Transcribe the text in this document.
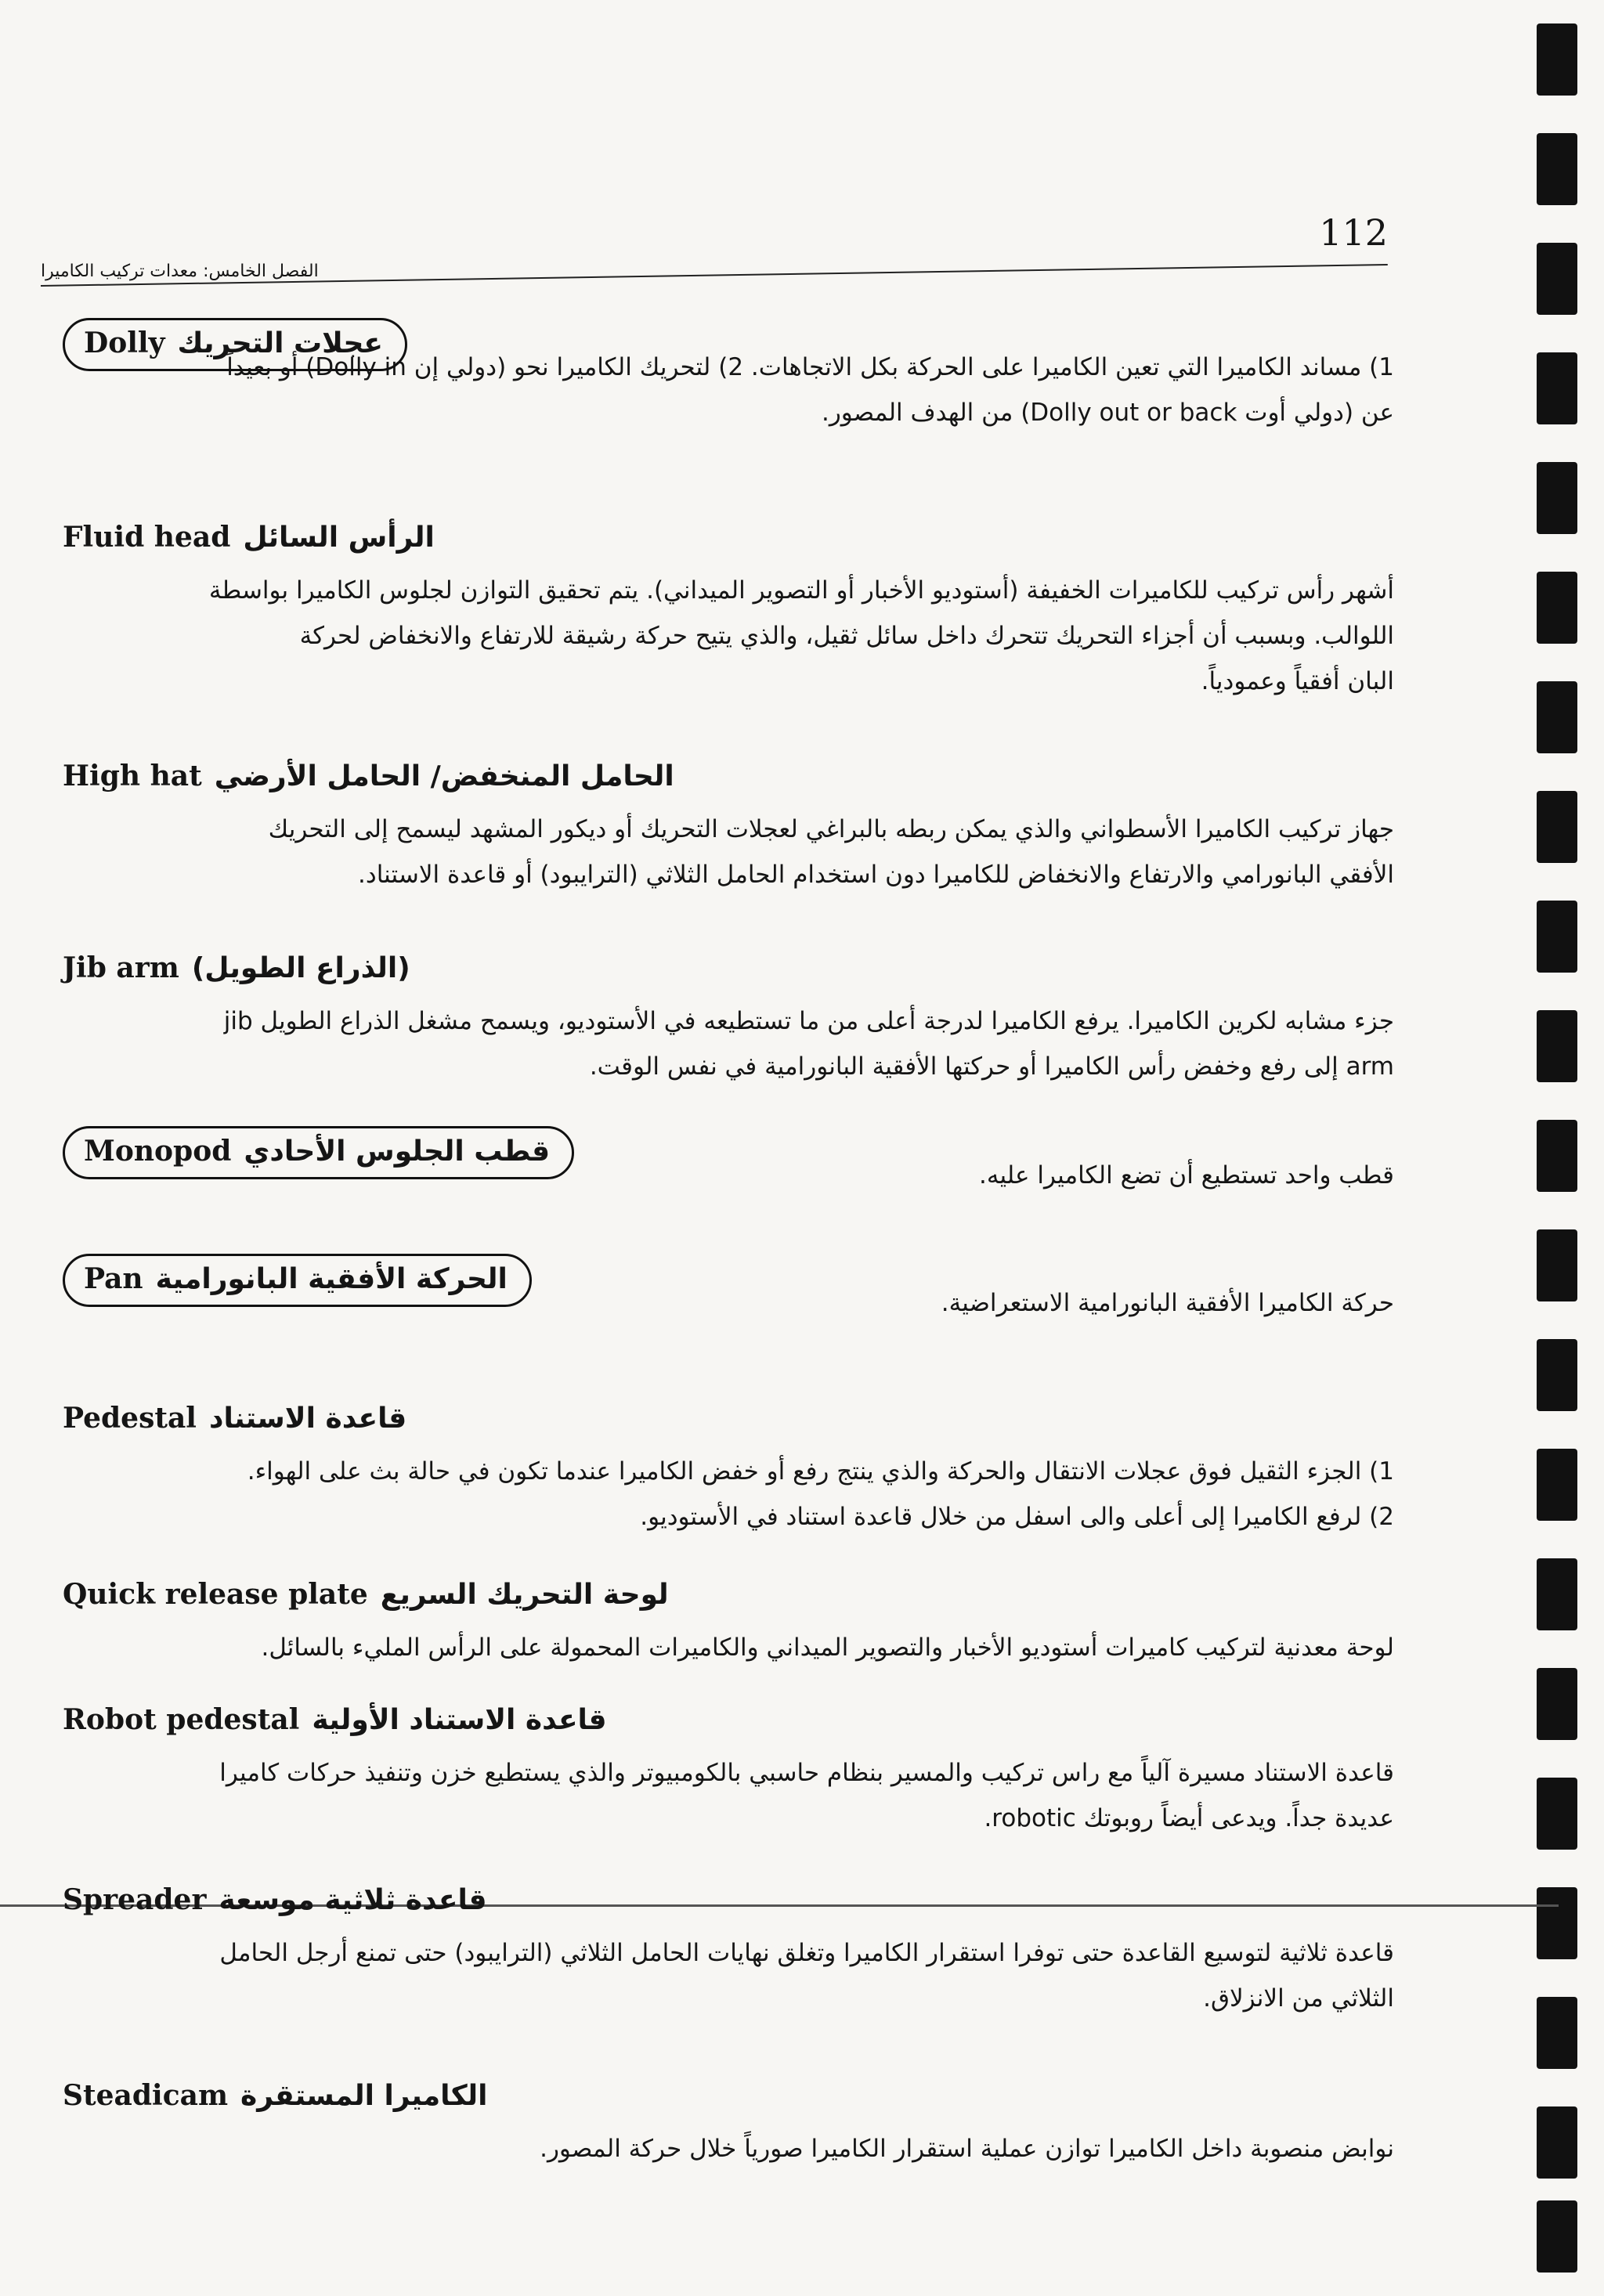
112
الفصل الخامس: معدات تركيب الكاميرا
Dolly عجلات التحريك

1) مساند الكاميرا التي تعين الكاميرا على الحركة بكل الاتجاهات. 2) لتحريك الكاميرا نحو (دولي إن Dolly in) أو بعيداً
عن (دولي أوت Dolly out or back) من الهدف المصور.

Fluid head الرأس السائل

أشهر رأس تركيب للكاميرات الخفيفة (أستوديو الأخبار أو التصوير الميداني). يتم تحقيق التوازن لجلوس الكاميرا بواسطة
اللوالب. وبسبب أن أجزاء التحريك تتحرك داخل سائل ثقيل، والذي يتيح حركة رشيقة للارتفاع والانخفاض لحركة
البان أفقياً وعمودياً.

High hat الحامل المنخفض/ الحامل الأرضي

جهاز تركيب الكاميرا الأسطواني والذي يمكن ربطه بالبراغي لعجلات التحريك أو ديكور المشهد ليسمح إلى التحريك
الأفقي البانورامي والارتفاع والانخفاض للكاميرا دون استخدام الحامل الثلاثي (الترايبود) أو قاعدة الاستناد.

Jib arm (الذراع الطويل)

جزء مشابه لكرين الكاميرا. يرفع الكاميرا لدرجة أعلى من ما تستطيعه في الأستوديو، ويسمح مشغل الذراع الطويل jib
arm إلى رفع وخفض رأس الكاميرا أو حركتها الأفقية البانورامية في نفس الوقت.

Monopod قطب الجلوس الأحادي

قطب واحد تستطيع أن تضع الكاميرا عليه.

Pan الحركة الأفقية البانورامية

حركة الكاميرا الأفقية البانورامية الاستعراضية.

Pedestal قاعدة الاستناد

1) الجزء الثقيل فوق عجلات الانتقال والحركة والذي ينتج رفع أو خفض الكاميرا عندما تكون في حالة بث على الهواء.
2) لرفع الكاميرا إلى أعلى والى اسفل من خلال قاعدة استناد في الأستوديو.

Quick release plate لوحة التحريك السريع

لوحة معدنية لتركيب كاميرات أستوديو الأخبار والتصوير الميداني والكاميرات المحمولة على الرأس المليء بالسائل.

Robot pedestal قاعدة الاستناد الأولية

قاعدة الاستناد مسيرة آلياً مع راس تركيب والمسير بنظام حاسبي بالكومبيوتر والذي يستطيع خزن وتنفيذ حركات كاميرا
عديدة جداً. ويدعى أيضاً روبوتك robotic.

Spreader قاعدة ثلاثية موسعة

قاعدة ثلاثية لتوسيع القاعدة حتى توفرا استقرار الكاميرا وتغلق نهايات الحامل الثلاثي (الترايبود) حتى تمنع أرجل الحامل
الثلاثي من الانزلاق.

Steadicam الكاميرا المستقرة

نوابض منصوبة داخل الكاميرا توازن عملية استقرار الكاميرا صورياً خلال حركة المصور.
